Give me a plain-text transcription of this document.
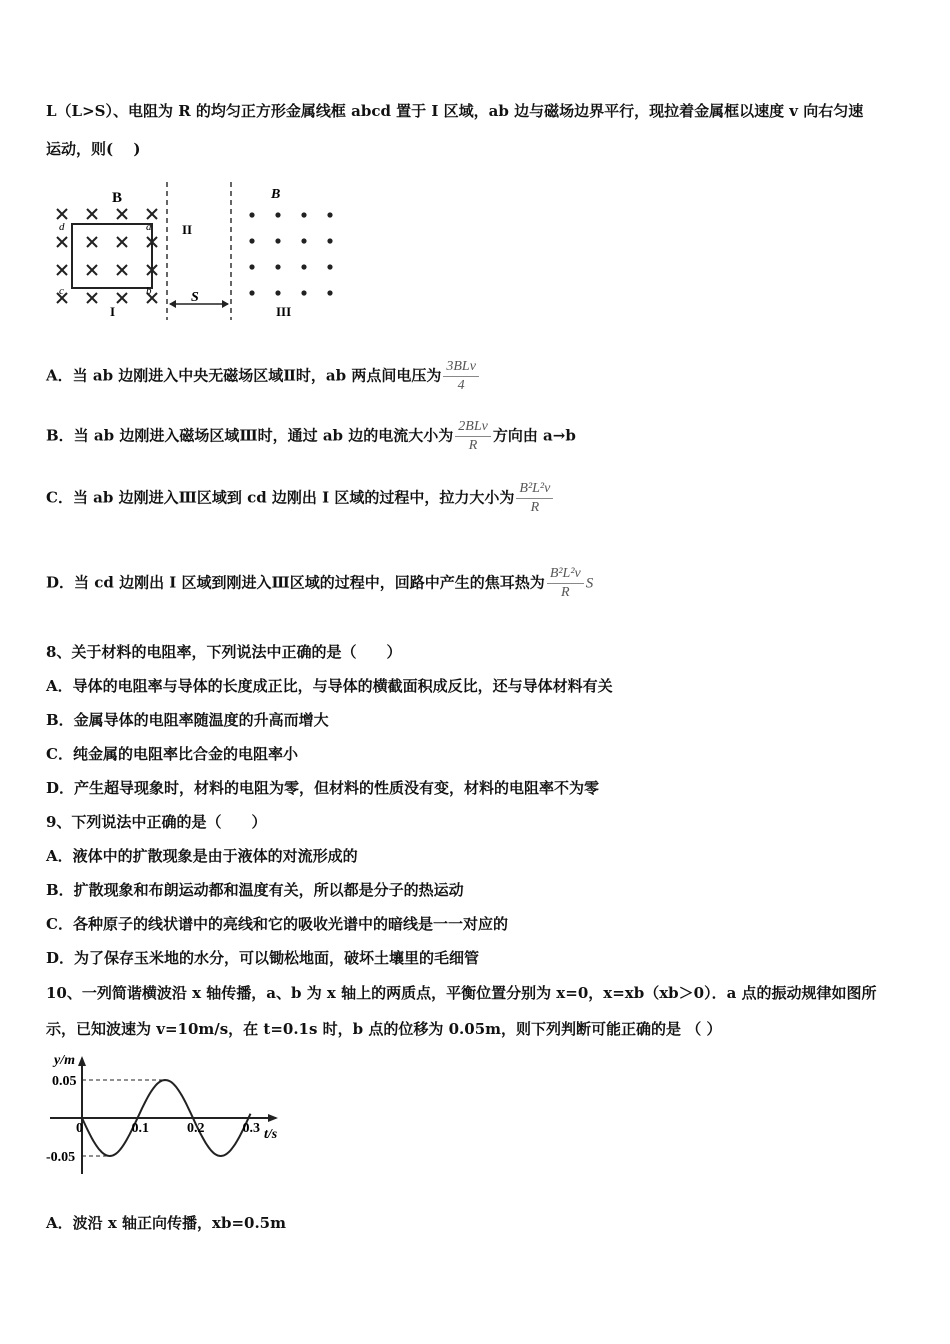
L（L>S）、电阻为 R 的均匀正方形金属线框 abcd 置于 I 区域，ab 边与磁场边界平行，现拉着金属框以速度 v 向右匀速
运动，则(　 )
B	B
II
III
I
a
d
c	b	S
A．当 ab 边刚进入中央无磁场区域Ⅱ时，ab 两点间电压为 $\frac{\text{3BLv}}{4}$
B．当 ab 边刚进入磁场区域Ⅲ时，通过 ab 边的电流大小为 $\frac{\text{2BLv}}{R}$ 方向由 a→b
C．当 ab 边刚进入Ⅲ区域到 cd 边刚出 I 区域的过程中，拉力大小为 $\frac{\text{B²L²v}}{R}$
D．当 cd 边刚出 I 区域到刚进入Ⅲ区域的过程中，回路中产生的焦耳热为 $\frac{\text{B²L²v}}{R}$ S
8、关于材料的电阻率，下列说法中正确的是（　　）
A．导体的电阻率与导体的长度成正比，与导体的横截面积成反比，还与导体材料有关
B．金属导体的电阻率随温度的升高而增大
C．纯金属的电阻率比合金的电阻率小
D．产生超导现象时，材料的电阻为零，但材料的性质没有变，材料的电阻率不为零
9、下列说法中正确的是（　　）
A．液体中的扩散现象是由于液体的对流形成的
B．扩散现象和布朗运动都和温度有关，所以都是分子的热运动
C．各种原子的线状谱中的亮线和它的吸收光谱中的暗线是一一对应的
D．为了保存玉米地的水分，可以锄松地面，破坏土壤里的毛细管
10、一列简谐横波沿 x 轴传播，a、b 为 x 轴上的两质点，平衡位置分别为 x=0，x=xb（xb＞0）．a 点的振动规律如图所
示，已知波速为 v=10m/s，在 t=0.1s 时，b 点的位移为 0.05m，则下列判断可能正确的是 （ ）
0	0.1	0.2	0.3
0.05
-0.05
t/s
y/m
A．波沿 x 轴正向传播，xb=0.5m
